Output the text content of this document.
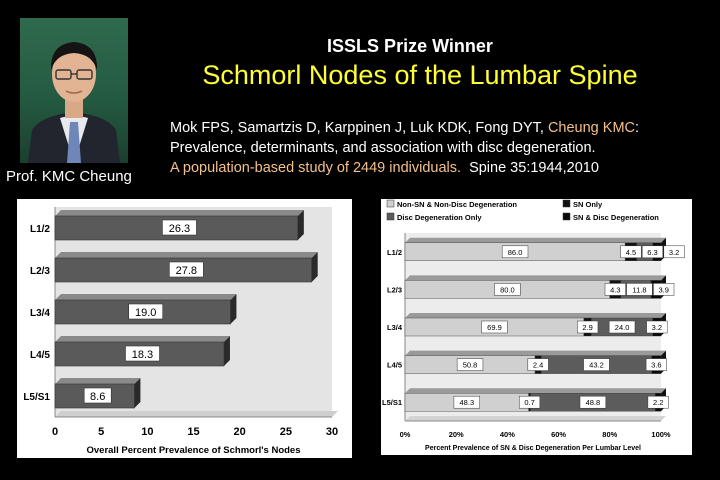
Prof. KMC Cheung
ISSLS Prize Winner
Schmorl Nodes of the Lumbar Spine
Mok FPS, Samartzis D, Karppinen J, Luk KDK, Fong DYT, Cheung KMC:
Prevalence, determinants, and association with disc degeneration.
A population-based study of 2449 individuals.  Spine 35:1944,2010
26.3
L1/2
27.8
L2/3
19.0
L3/4
18.3
L4/5
8.6
L5/S1
0	5	10	15	20	25	30
Overall Percent Prevalence of Schmorl's Nodes
Non-SN & Non-Disc Degeneration	SN Only
Disc Degeneration Only	SN & Disc Degeneration
86.0	4.5 6.3 3.2
L1/2
80.0	4.3 11.8 3.9
L2/3
69.9	2.9	24.0	3.2
L3/4
50.8	2.4	43.2	3.6
L4/5
48.3	0.7	48.8	2.2
L5/S1
0%	20%	40%	60%	80%	100%
Percent Prevalence of SN & Disc Degeneration Per Lumbar Level
